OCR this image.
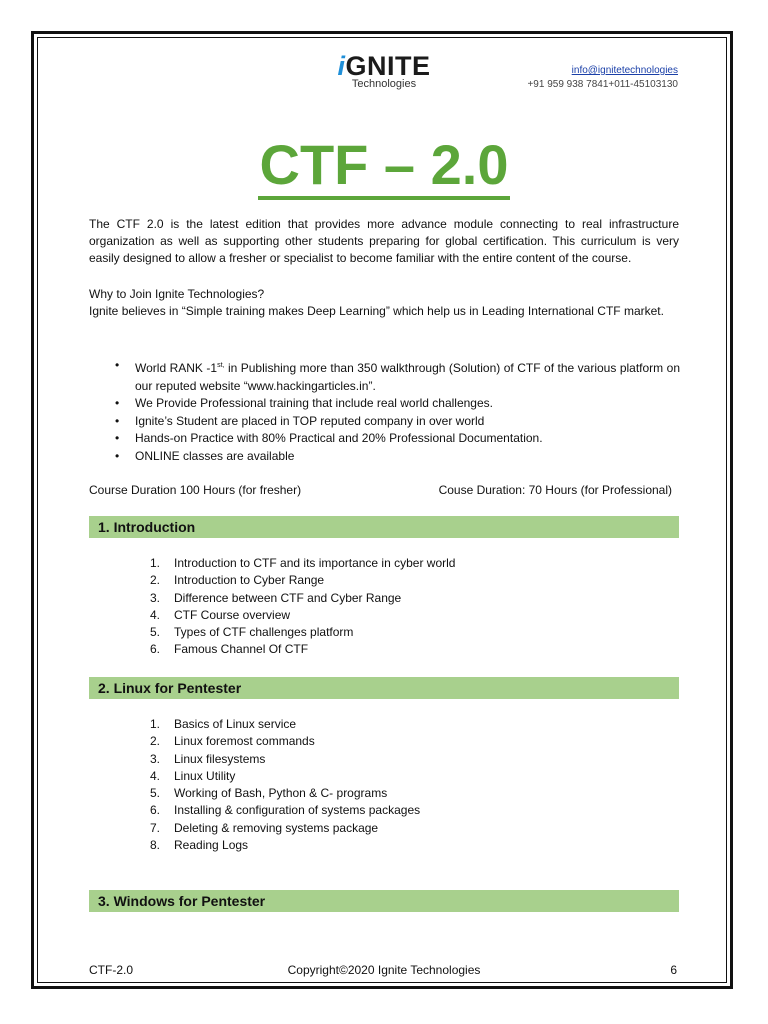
iGNITE
Technologies
info@ignitetechnologies
+91 959 938 7841+011-45103130
CTF – 2.0
The CTF 2.0 is the latest edition that provides more advance module connecting to real infrastructure organization as well as supporting other students preparing for global certification. This curriculum is very easily designed to allow a fresher or specialist to become familiar with the entire content of the course.
Why to Join Ignite Technologies?
Ignite believes in “Simple training makes Deep Learning” which help us in Leading International CTF market.
• World RANK $-1^{st,}$ in Publishing more than 350 walkthrough (Solution) of CTF of the various platform on our reputed website “www.hackingarticles.in”.
• We Provide Professional training that include real world challenges.
• Ignite’s Student are placed in TOP reputed company in over world
• Hands-on Practice with 80% Practical and 20% Professional Documentation.
• ONLINE classes are available
Course Duration 100 Hours (for fresher)	Couse Duration: 70 Hours (for Professional)
1. Introduction
1. Introduction to CTF and its importance in cyber world
2. Introduction to Cyber Range
3. Difference between CTF and Cyber Range
4. CTF Course overview
5. Types of CTF challenges platform
6. Famous Channel Of CTF
2. Linux for Pentester
1. Basics of Linux service
2. Linux foremost commands
3. Linux filesystems
4. Linux Utility
5. Working of Bash, Python & C- programs
6. Installing & configuration of systems packages
7. Deleting & removing systems package
8. Reading Logs
3. Windows for Pentester
CTF-2.0	Copyright©2020 Ignite Technologies	6
